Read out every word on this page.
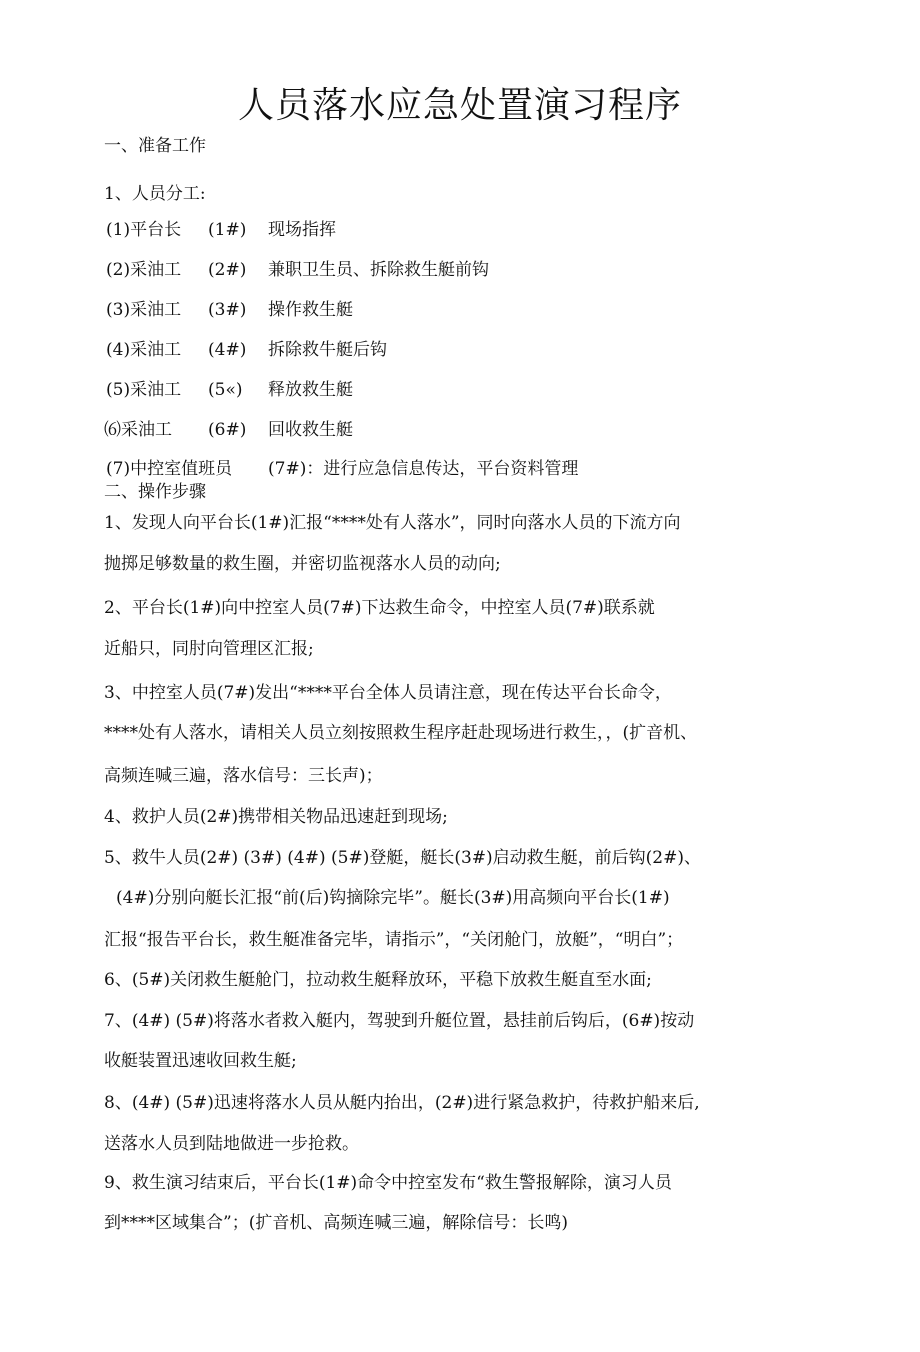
人员落水应急处置演习程序
一、准备工作
1、人员分工:
(1)平台长 (1#) 现场指挥
(2)采油工 (2#) 兼职卫生员、拆除救生艇前钩
(3)采油工 (3#) 操作救生艇
(4)采油工 (4#) 拆除救牛艇后钩
(5)采油工 (5«) 释放救生艇
⑹采油工 (6#) 回收救生艇
(7)中控室值班员 (7#)：进行应急信息传达，平台资料管理
二、操作步骤
1、发现人向平台长(1#)汇报“****处有人落水”，同时向落水人员的下流方向
抛掷足够数量的救生圈，并密切监视落水人员的动向;
2、平台长(1#)向中控室人员(7#)下达救生命令，中控室人员(7#)联系就
近船只，同肘向管理区汇报;
3、中控室人员(7#)发出“****平台全体人员请注意，现在传达平台长命令，
****处有人落水，请相关人员立刻按照救生程序赶赴现场进行救生，，(扩音机、
高频连喊三遍，落水信号：三长声)；
4、救护人员(2#)携带相关物品迅速赶到现场;
5、救牛人员(2#) (3#) (4#) (5#)登艇，艇长(3#)启动救生艇，前后钩(2#)、
(4#)分别向艇长汇报“前(后)钩摘除完毕”。艇长(3#)用高频向平台长(1#)
汇报“报告平台长，救生艇准备完毕，请指示”，“关闭舱门，放艇”，“明白”；
6、(5#)关闭救生艇舱门，拉动救生艇释放环，平稳下放救生艇直至水面;
7、(4#) (5#)将落水者救入艇内，驾驶到升艇位置，悬挂前后钩后，(6#)按动
收艇装置迅速收回救生艇;
8、(4#) (5#)迅速将落水人员从艇内抬出，(2#)进行紧急救护，待救护船来后,
送落水人员到陆地做进一步抢救。
9、救生演习结束后，平台长(1#)命令中控室发布“救生警报解除，演习人员
到****区域集合”；(扩音机、高频连喊三遍，解除信号：长鸣)
